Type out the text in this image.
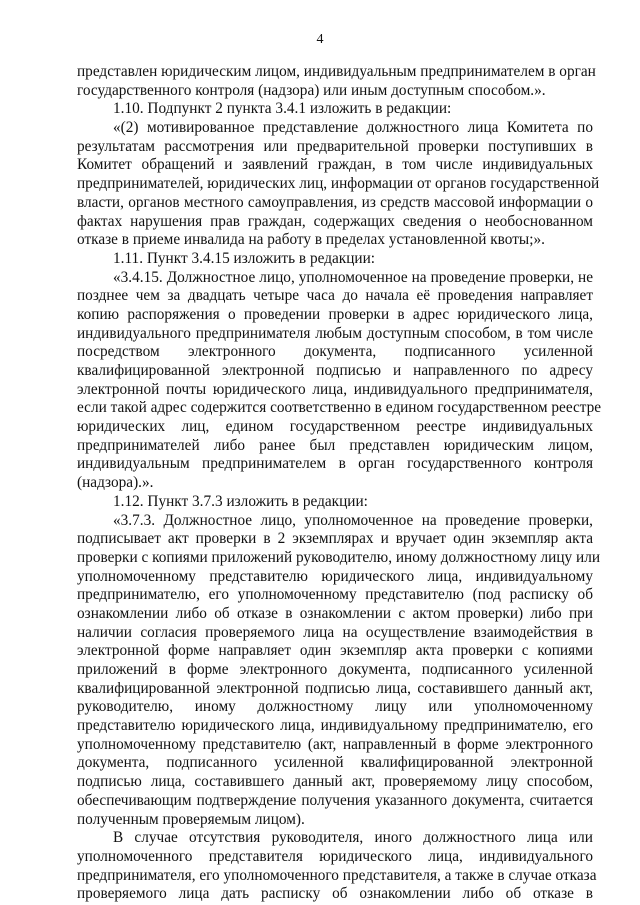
4
представлен юридическим лицом, индивидуальным предпринимателем в орган
государственного контроля (надзора) или иным доступным способом.».
1.10. Подпункт 2 пункта 3.4.1 изложить в редакции:
«(2) мотивированное представление должностного лица Комитета по
результатам рассмотрения или предварительной проверки поступивших в
Комитет обращений и заявлений граждан, в том числе индивидуальных
предпринимателей, юридических лиц, информации от органов государственной
власти, органов местного самоуправления, из средств массовой информации о
фактах нарушения прав граждан, содержащих сведения о необоснованном
отказе в приеме инвалида на работу в пределах установленной квоты;».
1.11. Пункт 3.4.15 изложить в редакции:
«3.4.15. Должностное лицо, уполномоченное на проведение проверки, не
позднее чем за двадцать четыре часа до начала её проведения направляет
копию распоряжения о проведении проверки в адрес юридического лица,
индивидуального предпринимателя любым доступным способом, в том числе
посредством электронного документа, подписанного усиленной
квалифицированной электронной подписью и направленного по адресу
электронной почты юридического лица, индивидуального предпринимателя,
если такой адрес содержится соответственно в едином государственном реестре
юридических лиц, едином государственном реестре индивидуальных
предпринимателей либо ранее был представлен юридическим лицом,
индивидуальным предпринимателем в орган государственного контроля
(надзора).».
1.12. Пункт 3.7.3 изложить в редакции:
«3.7.3. Должностное лицо, уполномоченное на проведение проверки,
подписывает акт проверки в 2 экземплярах и вручает один экземпляр акта
проверки с копиями приложений руководителю, иному должностному лицу или
уполномоченному представителю юридического лица, индивидуальному
предпринимателю, его уполномоченному представителю (под расписку об
ознакомлении либо об отказе в ознакомлении с актом проверки) либо при
наличии согласия проверяемого лица на осуществление взаимодействия в
электронной форме направляет один экземпляр акта проверки с копиями
приложений в форме электронного документа, подписанного усиленной
квалифицированной электронной подписью лица, составившего данный акт,
руководителю, иному должностному лицу или уполномоченному
представителю юридического лица, индивидуальному предпринимателю, его
уполномоченному представителю (акт, направленный в форме электронного
документа, подписанного усиленной квалифицированной электронной
подписью лица, составившего данный акт, проверяемому лицу способом,
обеспечивающим подтверждение получения указанного документа, считается
полученным проверяемым лицом).
В случае отсутствия руководителя, иного должностного лица или
уполномоченного представителя юридического лица, индивидуального
предпринимателя, его уполномоченного представителя, а также в случае отказа
проверяемого лица дать расписку об ознакомлении либо об отказе в
